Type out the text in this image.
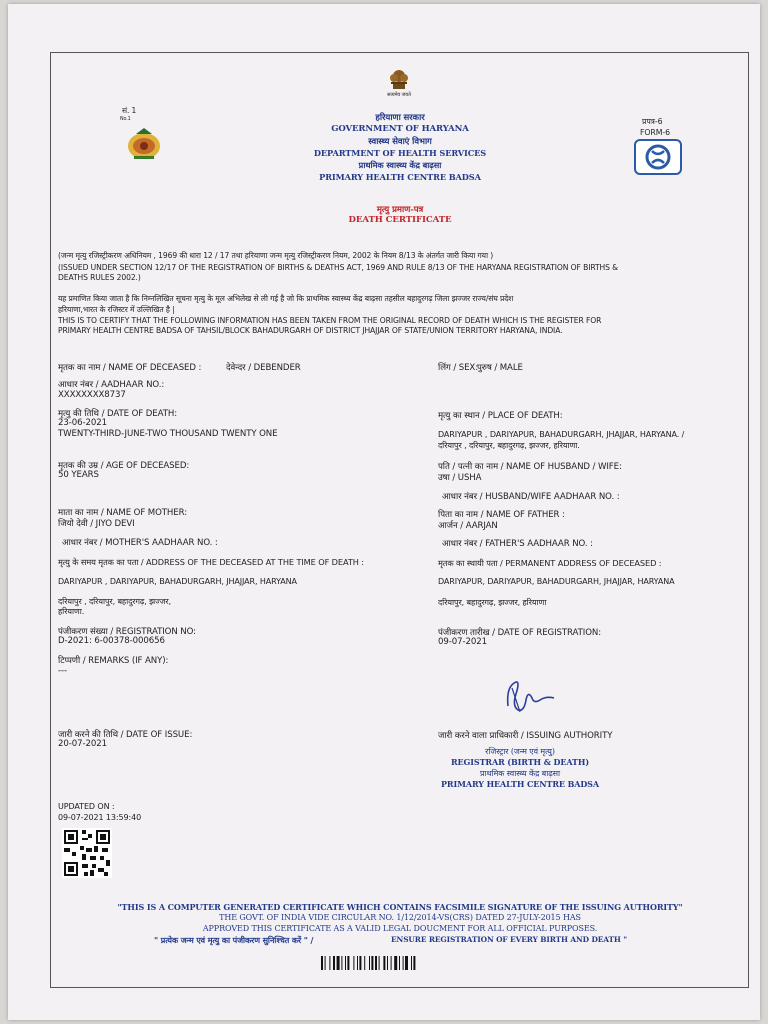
सत्यमेव जयते
सं. 1
No.1	हरियाणा सरकार
GOVERNMENT OF HARYANA
स्वास्थ्य सेवाएं विभाग
DEPARTMENT OF HEALTH SERVICES
प्राथमिक स्वास्थ्य केंद्र बाढ़सा
PRIMARY HEALTH CENTRE BADSA
प्रपत्र-6
FORM-6
मृत्यु प्रमाण-पत्र
DEATH CERTIFICATE
(जन्म मृत्यु रजिस्ट्रीकरण अधिनियम , 1969 की धारा 12 / 17 तथा हरियाणा जन्म मृत्यु रजिस्ट्रीकरण नियम, 2002 के नियम 8/13 के अंतर्गत जारी किया गया )
(ISSUED UNDER SECTION 12/17 OF THE REGISTRATION OF BIRTHS & DEATHS ACT, 1969 AND RULE 8/13 OF THE HARYANA REGISTRATION OF BIRTHS &
DEATHS RULES 2002.)
यह प्रमाणित किया जाता है कि निम्नलिखित सूचना मृत्यु के मूल अभिलेख से ली गई है जो कि प्राथमिक स्वास्थ्य केंद्र बाढ़सा तहसील बहादुरगढ़ जिला झज्जर राज्य/संघ प्रदेश
हरियाणा,भारत के रजिस्टर में उल्लिखित है |
THIS IS TO CERTIFY THAT THE FOLLOWING INFORMATION HAS BEEN TAKEN FROM THE ORIGINAL RECORD OF DEATH WHICH IS THE REGISTER FOR
PRIMARY HEALTH CENTRE BADSA OF TAHSIL/BLOCK BAHADURGARH OF DISTRICT JHAJJAR OF STATE/UNION TERRITORY HARYANA, INDIA.
मृतक का नाम / NAME OF DECEASED :	देवेन्दर / DEBENDER	लिंग / SEX:
पुरुष / MALE
आधार नंबर / AADHAAR NO.:
XXXXXXXX8737
मृत्यु की तिथि / DATE OF DEATH:
23-06-2021
TWENTY-THIRD-JUNE-TWO THOUSAND TWENTY ONE
मृत्यु का स्थान / PLACE OF DEATH:
DARIYAPUR , DARIYAPUR, BAHADURGARH, JHAJJAR, HARYANA. /
दरियापुर , दरियापुर, बहादुरगढ़, झज्जर, हरियाणा.
मृतक की उम्र / AGE OF DECEASED:
50 YEARS
पति / पत्नी का नाम / NAME OF HUSBAND / WIFE:
उषा / USHA
आधार नंबर / HUSBAND/WIFE AADHAAR NO. :
माता का नाम / NAME OF MOTHER:
जियो देवी / JIYO DEVI
पिता का नाम / NAME OF FATHER :
आर्जन / AARJAN
आधार नंबर / MOTHER'S AADHAAR NO. :	आधार नंबर / FATHER'S AADHAAR NO. :
मृत्यु के समय मृतक का पता / ADDRESS OF THE DECEASED AT THE TIME OF DEATH :	मृतक का स्थायी पता / PERMANENT ADDRESS OF DECEASED :
DARIYAPUR , DARIYAPUR, BAHADURGARH, JHAJJAR, HARYANA	DARIYAPUR, DARIYAPUR, BAHADURGARH, JHAJJAR, HARYANA
दरियापुर , दरियापुर, बहादुरगढ़, झज्जर,
हरियाणा.
दरियापुर, बहादुरगढ़, झज्जर, हरियाणा
पंजीकरण संख्या / REGISTRATION NO:
D-2021: 6-00378-000656
पंजीकरण तारीख / DATE OF REGISTRATION:
09-07-2021
टिप्पणी / REMARKS (IF ANY):
---
जारी करने की तिथि / DATE OF ISSUE:
20-07-2021
जारी करने वाला प्राधिकारी / ISSUING AUTHORITY
रजिस्ट्रार (जन्म एवं मृत्यु)
REGISTRAR (BIRTH & DEATH)
प्राथमिक स्वास्थ्य केंद्र बाढ़सा
PRIMARY HEALTH CENTRE BADSA
UPDATED ON :
09-07-2021 13:59:40
"THIS IS A COMPUTER GENERATED CERTIFICATE WHICH CONTAINS FACSIMILE SIGNATURE OF THE ISSUING AUTHORITY"
THE GOVT. OF INDIA VIDE CIRCULAR NO. 1/12/2014-VS(CRS) DATED 27-JULY-2015 HAS
APPROVED THIS CERTIFICATE AS A VALID LEGAL DOUCMENT FOR ALL OFFICIAL PURPOSES.
" प्रत्येक जन्म एवं मृत्यु का पंजीकरण सुनिश्चित करें " /	ENSURE REGISTRATION OF EVERY BIRTH AND DEATH "
